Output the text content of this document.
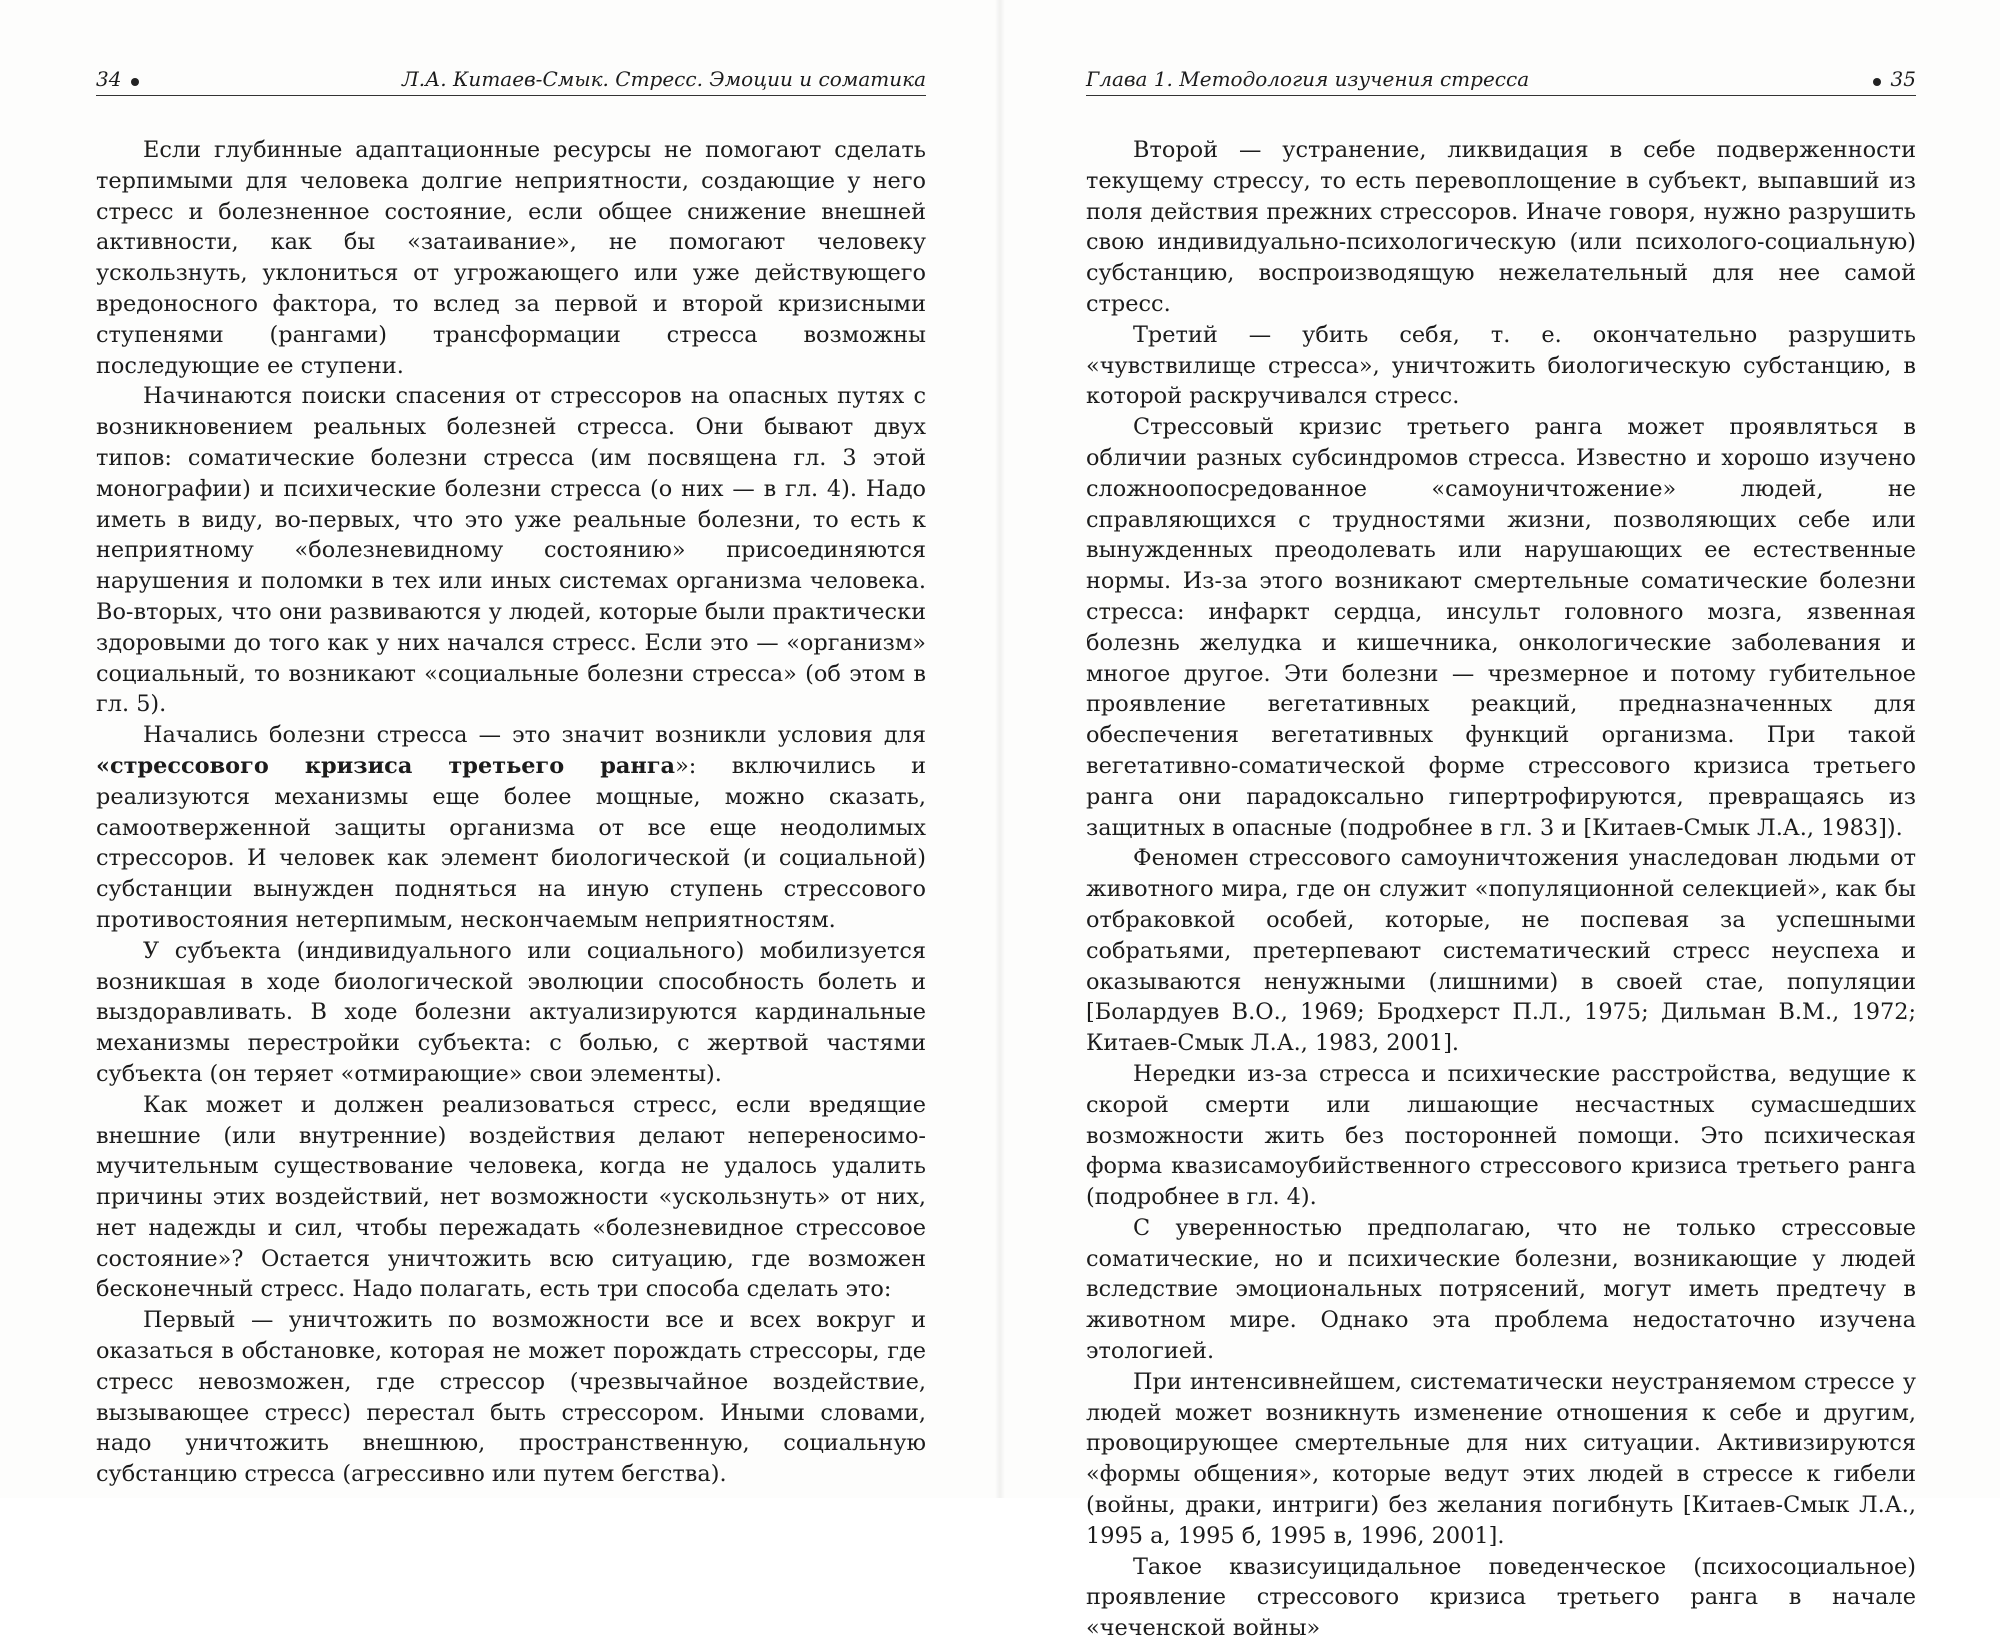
34	Л.А. Китаев-Смык. Стресс. Эмоции и соматика

Если глубинные адаптационные ресурсы не помогают сделать терпимыми для человека долгие неприятности, создающие у него стресс и болезненное состояние, если общее снижение внешней активности, как бы «затаивание», не помогают человеку ускользнуть, уклониться от угрожающего или уже действующего вредоносного фактора, то вслед за первой и второй кризисными ступенями (рангами) трансформации стресса возможны последующие ее ступени.

Начинаются поиски спасения от стрессоров на опасных путях с возникновением реальных болезней стресса. Они бывают двух типов: соматические болезни стресса (им посвящена гл. 3 этой монографии) и психические болезни стресса (о них — в гл. 4). Надо иметь в виду, во-первых, что это уже реальные болезни, то есть к неприятному «болезневидному состоянию» присоединяются нарушения и поломки в тех или иных системах организма человека. Во-вторых, что они развиваются у людей, которые были практически здоровыми до того как у них начался стресс. Если это — «организм» социальный, то возникают «социальные болезни стресса» (об этом в гл. 5).

Начались болезни стресса — это значит возникли условия для «стрессового кризиса третьего ранга»: включились и реализуются механизмы еще более мощные, можно сказать, самоотверженной защиты организма от все еще неодолимых стрессоров. И человек как элемент биологической (и социальной) субстанции вынужден подняться на иную ступень стрессового противостояния нетерпимым, нескончаемым неприятностям.

У субъекта (индивидуального или социального) мобилизуется возникшая в ходе биологической эволюции способность болеть и выздоравливать. В ходе болезни актуализируются кардинальные механизмы перестройки субъекта: с болью, с жертвой частями субъекта (он теряет «отмирающие» свои элементы).

Как может и должен реализоваться стресс, если вредящие внешние (или внутренние) воздействия делают непереносимо-мучительным существование человека, когда не удалось удалить причины этих воздействий, нет возможности «ускользнуть» от них, нет надежды и сил, чтобы пережадать «болезневидное стрессовое состояние»? Остается уничтожить всю ситуацию, где возможен бесконечный стресс. Надо полагать, есть три способа сделать это:

Первый — уничтожить по возможности все и всех вокруг и оказаться в обстановке, которая не может порождать стрессоры, где стресс невозможен, где стрессор (чрезвычайное воздействие, вызывающее стресс) перестал быть стрессором. Иными словами, надо уничтожить внешнюю, пространственную, социальную субстанцию стресса (агрессивно или путем бегства).

Глава 1. Методология изучения стресса	35

Второй — устранение, ликвидация в себе подверженности текущему стрессу, то есть перевоплощение в субъект, выпавший из поля действия прежних стрессоров. Иначе говоря, нужно разрушить свою индивидуально-психологическую (или психолого-социальную) субстанцию, воспроизводящую нежелательный для нее самой стресс.

Третий — убить себя, т. е. окончательно разрушить «чувствилище стресса», уничтожить биологическую субстанцию, в которой раскручивался стресс.

Стрессовый кризис третьего ранга может проявляться в обличии разных субсиндромов стресса. Известно и хорошо изучено сложноопосредованное «самоуничтожение» людей, не справляющихся с трудностями жизни, позволяющих себе или вынужденных преодолевать или нарушающих ее естественные нормы. Из-за этого возникают смертельные соматические болезни стресса: инфаркт сердца, инсульт головного мозга, язвенная болезнь желудка и кишечника, онкологические заболевания и многое другое. Эти болезни — чрезмерное и потому губительное проявление вегетативных реакций, предназначенных для обеспечения вегетативных функций организма. При такой вегетативно-соматической форме стрессового кризиса третьего ранга они парадоксально гипертрофируются, превращаясь из защитных в опасные (подробнее в гл. 3 и [Китаев-Смык Л.А., 1983]).

Феномен стрессового самоуничтожения унаследован людьми от животного мира, где он служит «популяционной селекцией», как бы отбраковкой особей, которые, не поспевая за успешными собратьями, претерпевают систематический стресс неуспеха и оказываются ненужными (лишними) в своей стае, популяции [Болардуев В.О., 1969; Бродхерст П.Л., 1975; Дильман В.М., 1972; Китаев-Смык Л.А., 1983, 2001].

Нередки из-за стресса и психические расстройства, ведущие к скорой смерти или лишающие несчастных сумасшедших возможности жить без посторонней помощи. Это психическая форма квазисамоубийственного стрессового кризиса третьего ранга (подробнее в гл. 4).

С уверенностью предполагаю, что не только стрессовые соматические, но и психические болезни, возникающие у людей вследствие эмоциональных потрясений, могут иметь предтечу в животном мире. Однако эта проблема недостаточно изучена этологией.

При интенсивнейшем, систематически неустраняемом стрессе у людей может возникнуть изменение отношения к себе и другим, провоцирующее смертельные для них ситуации. Активизируются «формы общения», которые ведут этих людей в стрессе к гибели (войны, драки, интриги) без желания погибнуть [Китаев-Смык Л.А., 1995 а, 1995 б, 1995 в, 1996, 2001].

Такое квазисуицидальное поведенческое (психосоциальное) проявление стрессового кризиса третьего ранга в начале «чеченской войны»
